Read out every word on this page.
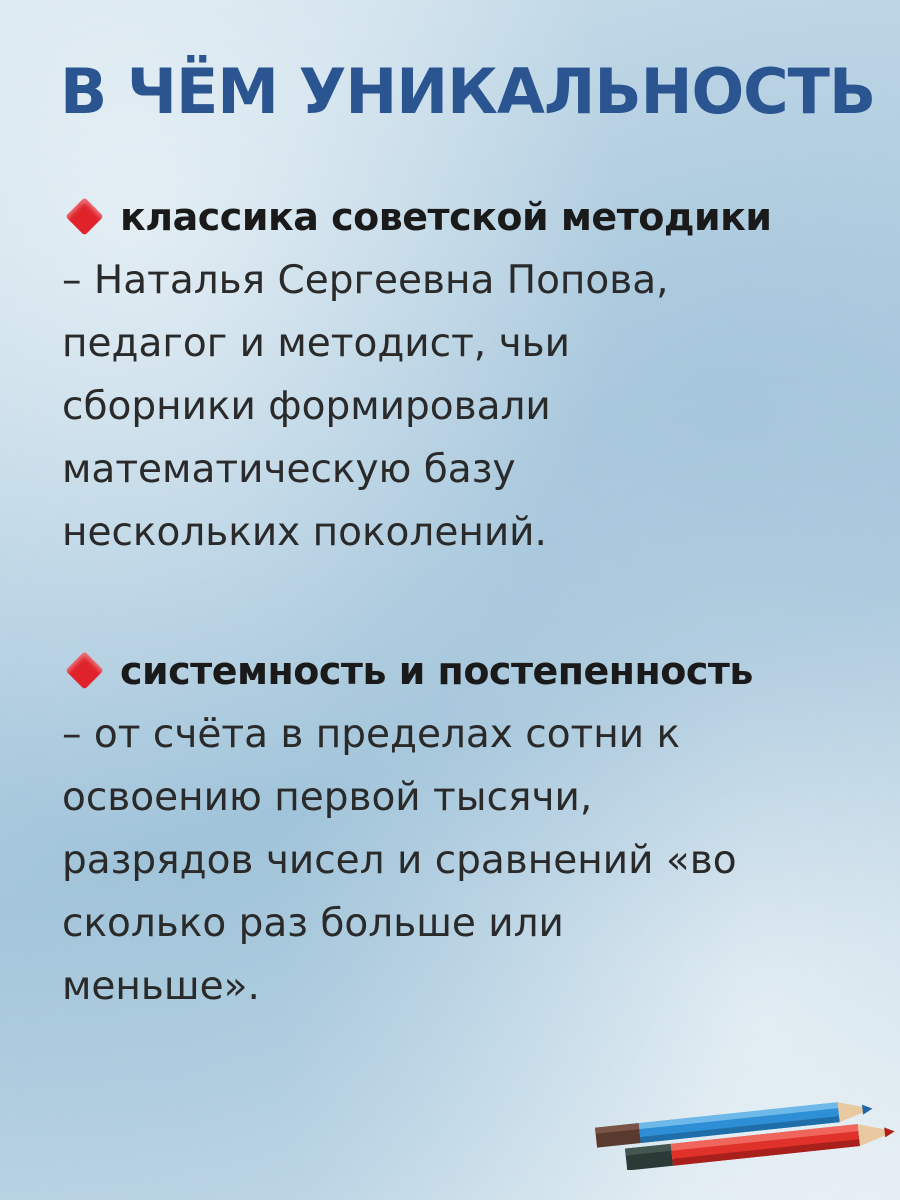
В ЧЁМ УНИКАЛЬНОСТЬ
классика советской методики
– Наталья Сергеевна Попова,
педагог и методист, чьи
сборники формировали
математическую базу
нескольких поколений.
системность и постепенность
– от счёта в пределах сотни к
освоению первой тысячи,
разрядов чисел и сравнений «во
сколько раз больше или
меньше».
